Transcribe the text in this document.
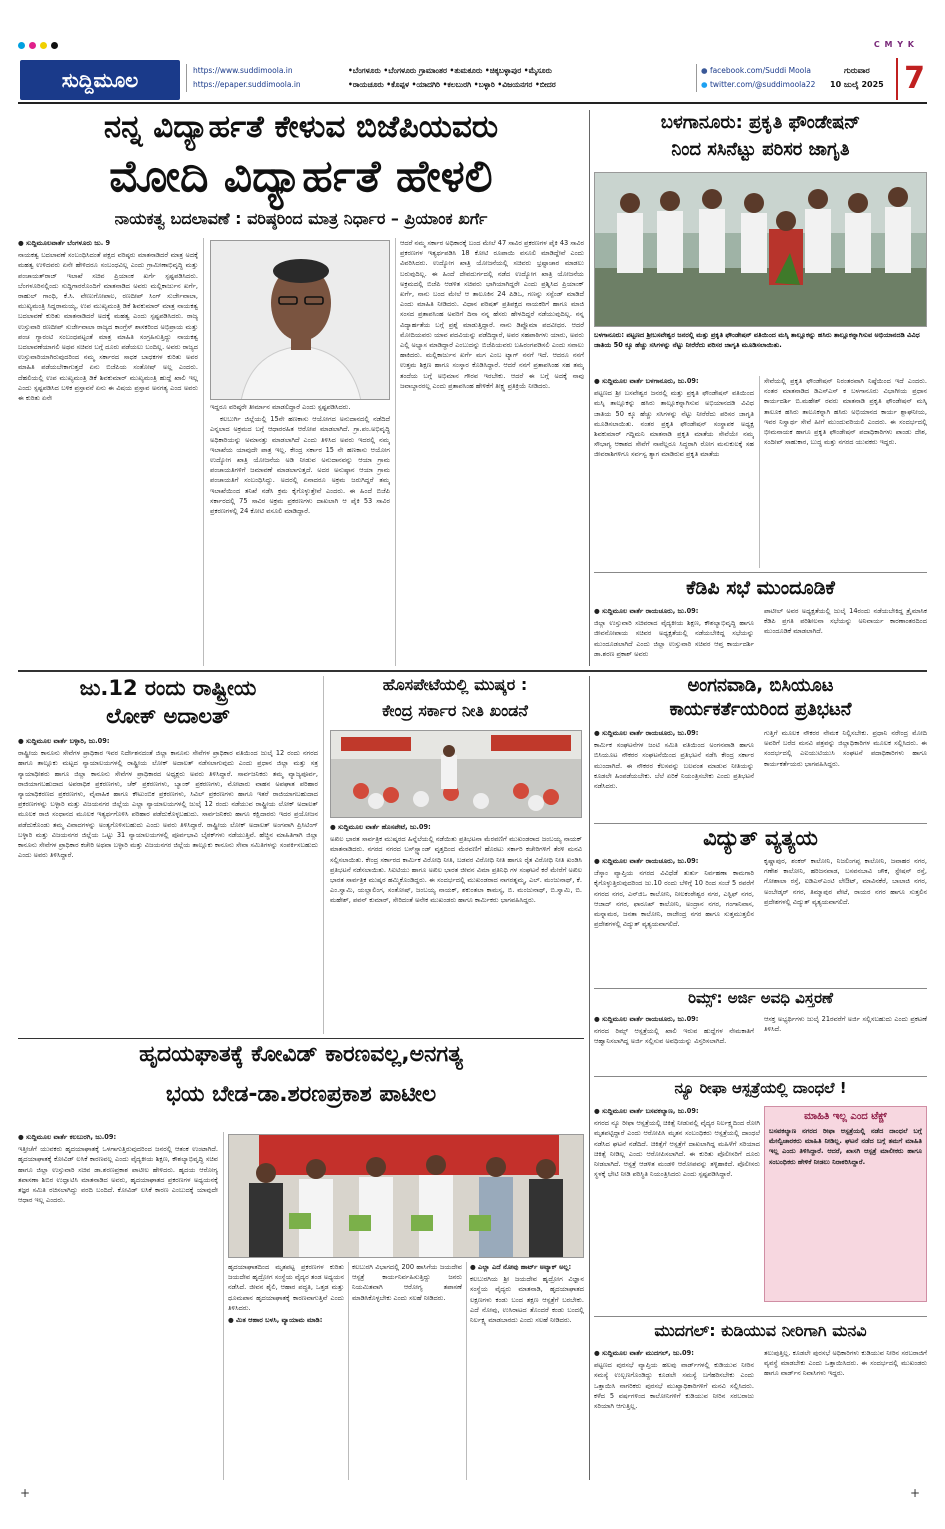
C M Y K
ಸುದ್ದಿಮೂಲ	https://www.suddimoola.in
https://epaper.suddimoola.in
•ಬೆಂಗಳೂರು •ಬೆಂಗಳೂರು ಗ್ರಾಮಾಂತರ •ತುಮಕೂರು •ಚಿಕ್ಕಬಳ್ಳಾಪುರ •ಮೈಸೂರು
•ರಾಯಚೂರು •ಕೊಪ್ಪಳ •ಯಾದಗಿರಿ •ಕಲಬುರಗಿ •ಬಳ್ಳಾರಿ •ವಿಜಯನಗರ •ಬೀದರ
● facebook.com/Suddi Moola
● twitter.com/@suddimoola22
ಗುರುವಾರ
10 ಜುಲೈ 2025 7
ನನ್ನ ವಿದ್ಯಾರ್ಹತೆ ಕೇಳುವ ಬಿಜೆಪಿಯವರು
ಮೋದಿ ವಿದ್ಯಾರ್ಹತೆ ಹೇಳಲಿ
ನಾಯಕತ್ವ ಬದಲಾವಣೆ : ವರಿಷ್ಠರಿಂದ ಮಾತ್ರ ನಿರ್ಧಾರ – ಪ್ರಿಯಾಂಕ ಖರ್ಗೆ

● ಸುದ್ದಿಮೂಲವಾರ್ತೆ ಬೆಂಗಳೂರು ಜು. 9

ನಾಯಕತ್ವ ಬದಲಾವಣೆ ಸಂಬಂಧಿಸಿದಂತೆ ಪಕ್ಷದ ವರಿಷ್ಠರು ಮಾತನಾಡಿದರೆ ಮಾತ್ರ ಅದಕ್ಕೆ ಮಹತ್ವ ಉಳಿದವರು ಏನೇ ಹೇಳಿದರೂ ಸಂಬಂಧವಿಲ್ಲ ಎಂದು ಗ್ರಾಮೀಣಾಭಿವೃದ್ಧಿ ಮತ್ತು ಪಂಚಾಯತ್‌ರಾಜ್ ಇಲಾಖೆ ಸಚಿವ ಪ್ರಿಯಾಂಕ ಖರ್ಗೆ ಸ್ಪಷ್ಟಪಡಿಸಿದರು. ಬೆಂಗಳೂರಿನಲ್ಲಿಂದು ಸುದ್ದಿಗಾರರೊಂದಿಗೆ ಮಾತನಾಡಿದ ಅವರು ಮಲ್ಲಿಕಾರ್ಜುನ ಖರ್ಗೆ, ರಾಹುಲ್ ಗಾಂಧಿ, ಕೆ.ಸಿ. ವೇಣುಗೋಪಾಲ, ರಣದೀಪ್ ಸಿಂಗ್ ಸುರ್ಜೇವಾಲಾ, ಮುಖ್ಯಮಂತ್ರಿ ಸಿದ್ದರಾಮಯ್ಯ, ಉಪ ಮುಖ್ಯಮಂತ್ರಿ ಡಿಕೆ ಶಿವಕುಮಾರ್ ಮಾತ್ರ ನಾಯಕತ್ವ ಬದಲಾವಣೆ ಕುರಿತು ಮಾತನಾಡಿದರೆ ಅದಕ್ಕೆ ಮಹತ್ವ ಎಂದು ಸ್ಪಷ್ಟಪಡಿಸಿದರು. ರಾಜ್ಯ ಉಸ್ತುವಾರಿ ರಣದೀಪ್ ಸುರ್ಜೇವಾಲಾ ರಾಜ್ಯದ ಕಾಂಗ್ರೆಸ್ ಶಾಸಕರಿಂದ ಅಭಿಪ್ರಾಯ ಮತ್ತು ಪಂಚ ಗ್ಯಾರಂಟಿ ಸಂಬಂಧಪಟ್ಟಂತೆ ಮಾತ್ರ ಮಾಹಿತಿ ಸಂಗ್ರಹಿಸುತ್ತಿದ್ದು ನಾಯಕತ್ವ ಬದಲಾವಣೆಯಾಗಲಿ ಅಥವ ಸಚಿವರ ಬಗ್ಗೆ ದೂರು ಪಡೆಯಲು ಬಂದಿಲ್ಲ. ಅವರು ರಾಜ್ಯದ ಉಸ್ತುವಾರಿಯಾಗಿರುವುದರಿಂದ ನಮ್ಮ ಸರ್ಕಾರದ ಸಾಧಕ ಬಾಧಕಗಳ ಕುರಿತು ಅವರ ಮಾಹಿತಿ ಪಡೆಯಬೇಕಾಗುತ್ತದೆ ಏನು ಬಿಜೆಪಿಯ ಸಂತೋಷ್ ಅಲ್ಲ ಎಂದರು. ದೆಹಲಿಯಲ್ಲಿ ಉಪ ಮುಖ್ಯಮಂತ್ರಿ ಡಿಕೆ ಶಿವಕುಮಾರ್ ಮುಖ್ಯಮಂತ್ರಿ ಹುದ್ದೆ ಖಾಲಿ ಇಲ್ಲ ಎಂದು ಸ್ಪಷ್ಟಪಡಿಸಿದ ಬಳಿಕ ಪ್ರಸ್ತಾವನೆ ಏನು ಈ ವಿಷಯ ಪ್ರಸ್ತಾವ ಅನಗತ್ಯ ಎಂದ ಅವರು ಈ ಕುರಿತು ಏನೇ

ಇದ್ದರೂ ವರಿಷ್ಠರೇ ತೀರ್ಮಾನ ಮಾಡಲಿದ್ದಾರೆ ಎಂದು ಸ್ಪಷ್ಟಪಡಿಸಿದರು.

ಕಲಬುರ್ಗಿ ಜಿಲ್ಲೆಯಲ್ಲಿ 15ನೇ ಹಣಕಾಸು ಆಯೋಗದ ಅನುದಾನದಲ್ಲಿ ನಡೆದಿದೆ ಎನ್ನಲಾದ ಅಕ್ರಮದ ಬಗ್ಗೆ ಆಧಾರರಹಿತ ಆರೋಪ ಮಾಡಲಾಗಿದೆ. ಗ್ರಾ.ಪಂ.ಅಭಿವೃದ್ಧಿ ಅಧಿಕಾರಿಯನ್ನು ಅಮಾನತ್ತು ಮಾಡಲಾಗಿದೆ ಎಂದು ತಿಳಿಸಿದ ಅವರು ಇದರಲ್ಲಿ ನಮ್ಮ ಇಲಾಖೆಯ ಯಾವುದೇ ಪಾತ್ರ ಇಲ್ಲ. ಕೇಂದ್ರ ಸರ್ಕಾರ 15 ನೇ ಹಣಕಾಸು ಆಯೋಗ ಉದ್ಯೋಗ ಖಾತ್ರಿ ಯೋಜನೆಯ ಅಡಿ ನೀಡುವ ಅನುದಾನವನ್ನು ಆಯಾ ಗ್ರಾಮ ಪಂಚಾಯತಿಗಳಿಗೆ ಜಮಾವಣೆ ಮಾಡಲಾಗುತ್ತದೆ. ಅದರ ಅನುಷ್ಠಾನ ಆಯಾ ಗ್ರಾಮ ಪಂಚಾಯತಿಗೆ ಸಂಬಂಧಿಸಿದ್ದು. ಅದರಲ್ಲಿ ಏನಾದರೂ ಅಕ್ರಮ ಜರುಗಿದ್ದರೆ ತಮ್ಮ ಇಲಾಖೆಯಿಂದ ತನಿಖೆ ನಡೆಸಿ ಕ್ರಮ ಕೈಗೊಳ್ಳುತ್ತೇವೆ ಎಂದರು. ಈ ಹಿಂದೆ ಬಿಜೆಪಿ ಸರ್ಕಾರದಲ್ಲಿ 75 ಸಾವಿರ ಅಕ್ರಮ ಪ್ರಕರಣಗಳು ದಾಖಲಾಗಿ ಆ ಪೈಕಿ 53 ಸಾವಿರ ಪ್ರಕರಣಗಳಲ್ಲಿ 24 ಕೋಟಿ ವಸೂಲಿ ಮಾಡಿದ್ದಾರೆ.

ಆದರೆ ನಮ್ಮ ಸರ್ಕಾರ ಅಧಿಕಾರಕ್ಕೆ ಬಂದ ಮೇಲೆ 47 ಸಾವಿರ ಪ್ರಕರಣಗಳ ಪೈಕಿ 43 ಸಾವಿರ ಪ್ರಕರಣಗಳ ಇತ್ಯರ್ಥಪಡಿಸಿ 18 ಕೋಟಿ ರೂಪಾಯಿ ವಸೂಲಿ ಮಾಡಿದ್ದೇವೆ ಎಂದು ವಿವರಿಸಿದರು. ಉದ್ಯೋಗ ಖಾತ್ರಿ ಯೋಜನೆಯಲ್ಲಿ ಸಚಿವರು ಭ್ರಷ್ಟಾಚಾರ ಮಾಡಲು ಬರುವುದಿಲ್ಲ. ಈ ಹಿಂದೆ ದೇವದುರ್ಗದಲ್ಲಿ ನಡೆದ ಉದ್ಯೋಗ ಖಾತ್ರಿ ಯೋಜನೆಯ ಅಕ್ರಮದಲ್ಲಿ ಬಿಜೆಪಿ ಆಡಳಿತ ಸಚಿವರು ಭಾಗಿಯಾಗಿದ್ದರೇ ಎಂದು ಪ್ರಶ್ನಿಸಿದ ಪ್ರಿಯಾಂಕ್ ಖರ್ಗೆ, ನಾನು ಬಂದ ಮೇಲೆ ಆ ತಾಲೂಕಿನ 24 ಪಿಡಿಒ, ಗಣನ್ನು ಸಸ್ಪೆಂಡ್ ಮಾಡಿದೆ ಎಂದು ಮಾಹಿತಿ ನೀಡಿದರು. ವಿಧಾನ ಪರಿಷತ್ ಪ್ರತಿಪಕ್ಷದ ನಾಯಕರಿಗೆ ಹಾಗೂ ಮಾಜಿ ಸಂಸದ ಪ್ರತಾಪಸಿಂಹ ಅವರಿಗೆ ದಿನಾ ನನ್ನ ಹೆಸರು ಹೇಳದಿದ್ದರೆ ನಡೆಯುವುದಿಲ್ಲ. ನನ್ನ ವಿದ್ಯಾರ್ಹತೆಯ ಬಗ್ಗೆ ಪ್ರಶ್ನೆ ಮಾಡುತ್ತಿದ್ದಾರೆ. ನಾನು ಡಿಪ್ಲೊಮಾ ಪದವೀಧರ. ಆದರೆ ಮೋದಿಯವರು ಯಾವ ಪದವಿಯನ್ನು ಪಡೆದಿದ್ದಾರೆ, ಅವರ ಸಹಪಾಠಿಗಳು ಯಾರು, ಅವರು ಎಲ್ಲಿ ಅಭ್ಯಾಸ ಮಾಡಿದ್ದಾರೆ ಎಂಬುದನ್ನು ಬಿಜೆಪಿಯವರು ಬಹಿರಂಗಪಡಿಸಲಿ ಎಂದು ಸವಾಲು ಹಾಕಿದರು. ಮಲ್ಲಿಕಾರ್ಜುನ ಖರ್ಗೆ ಮಗ ಎಂಬ ಟ್ಯಾಗ್ ನನಗೆ ಇದೆ. ಆದರೂ ನನಗೆ ಉತ್ತಮ ಶಿಕ್ಷಣ ಹಾಗೂ ಸಂಸ್ಕಾರ ಕೊಡಿಸಿದ್ದಾರೆ. ಆದರೆ ನನಗೆ ಪ್ರತಾಪಸಿಂಹ ಸಹ ತಮ್ಮ ತಂದೆಯ ಬಗ್ಗೆ ಅಭಿಮಾನ ಗೌರವ ಇರಬೇಕು. ಆದರೆ ಈ ಬಗ್ಗೆ ಅದಕ್ಕೆ ನಾವು ಜವಾಬ್ದಾರರಲ್ಲ ಎಂದು ಪ್ರತಾಪಸಿಂಹ ಹೇಳಿಕೆಗೆ ತೀಕ್ಷ್ಣ ಪ್ರತಿಕ್ರಿಯೆ ನೀಡಿದರು.

ಬಳಗಾನೂರು: ಪ್ರಕೃತಿ ಫೌಂಡೇಷನ್
ನಿಂದ ಸಸಿನೆಟ್ಟು ಪರಿಸರ ಜಾಗೃತಿ
ಬಳಗಾನೂರು: ಪಟ್ಟಣದ ಶ್ರೀಬಸವೇಶ್ವರ ಜನರಲ್ಲಿ ಮತ್ತು ಪ್ರಕೃತಿ ಫೌಂಡೇಷನ್ ವತಿಯಿಂದ ಮಸ್ಕಿ ತಾಲ್ಲೂಕನ್ನು ಹಸಿರು ತಾಲ್ಲೂಕನ್ನಾಗಿಸುವ ಅಭಿಯಾನದಡಿ ವಿವಿಧ ಜಾತಿಯ 50 ಕ್ಕೂ ಹೆಚ್ಚು ಸಸಿಗಳನ್ನು ನೆಟ್ಟು ನೀರೆರೆದು ಪರಿಸರ ಜಾಗೃತಿ ಮೂಡಿಸಲಾಯಿತು.

● ಸುದ್ದಿಮೂಲ ವಾರ್ತೆ ಬಳಗಾನೂರು, ಜು.09:

ಪಟ್ಟಣದ ಶ್ರೀ ಬಸವೇಶ್ವರ ಜನರಲ್ಲಿ ಮತ್ತು ಪ್ರಕೃತಿ ಫೌಂಡೇಷನ್ ವತಿಯಿಂದ ಮಸ್ಕಿ ತಾಲ್ಲೂಕನ್ನು ಹಸಿರು ತಾಲ್ಲೂಕನ್ನಾಗಿಸುವ ಅಭಿಯಾನದಡಿ ವಿವಿಧ ಜಾತಿಯ 50 ಕ್ಕೂ ಹೆಚ್ಚು ಸಸಿಗಳನ್ನು ನೆಟ್ಟು ನೀರೆರೆದು ಪರಿಸರ ಜಾಗೃತಿ ಮೂಡಿಸಲಾಯಿತು. ನಂತರ ಪ್ರಕೃತಿ ಫೌಂಡೇಷನ್ ಸಂಸ್ಥಾಪಕ ಅಧ್ಯಕ್ಷ ಶಿವಕುಮಾರ್ ಗದ್ದಿಮನಿ ಮಾತನಾಡಿ ಪ್ರಕೃತಿ ಮಾತೆಯ ಸೇವೆಯೇ ನಮ್ಮ ಸೌಭಾಗ್ಯ ಆಕಾಶದ ಸೇವೆಗೆ ನಾವೆಲ್ಲರೂ ಸಿದ್ಧರಾಗಿ ರೋಗ ಮನುಕುಲಕ್ಕೆ ಸಹ ಜೀವರಾಶಿಗಳಿಗೂ ಸರ್ವಸ್ವ ತ್ಯಾಗ ಮಾಡಿರುವ ಪ್ರಕೃತಿ ಮಾತೆಯ

ಸೇವೆಯಲ್ಲಿ ಪ್ರಕೃತಿ ಫೌಂಡೇಷನ್ ನಿರಂತರವಾಗಿ ನಿಷ್ಠೆಯಿಂದ ಇದೆ ಎಂದರು. ನಂತರ ಮಾತನಾಡಿದ ಡಿಎಸ್ಎಸ್ ಕ ಬಳಗಾನೂರು ವಿಭಾಗೀಯ ಪ್ರಧಾನ ಕಾರ್ಯದರ್ಶಿ ಬಿ.ಮಹೇಶ್ ರವರು ಮಾತನಾಡಿ ಪ್ರಕೃತಿ ಫೌಂಡೇಷನ್ ಮಸ್ಕಿ ತಾಲೂಕ ಹಸಿರು ತಾಲೂಕನ್ನಾಗಿ ಹಸಿರು ಅಭಿಯಾನದ ಕಾರ್ಯ ಶ್ಲಾಘನೀಯ, ಇವರ ನಿಸ್ವಾರ್ಥ ಸೇವೆ ಹೀಗೆ ಮುಂದುವರಿಯಲಿ ಎಂದರು. ಈ ಸಂದರ್ಭದಲ್ಲಿ ಭೀಮನಾಯಕ ಹಾಗೂ ಪ್ರಕೃತಿ ಫೌಂಡೇಷನ್ ಪದಾಧಿಕಾರಿಗಳು ಪಾಂಡು ದೇಶ, ಸಂದೀಪ್ ಸಾಹುಕಾರ, ಬುದ್ಧ ಮತ್ತು ನಗರದ ಯುವಕರು ಇದ್ದರು.

ಕೆಡಿಪಿ ಸಭೆ ಮುಂದೂಡಿಕೆ

● ಸುದ್ದಿಮೂಲ ವಾರ್ತೆ ರಾಯಚೂರು, ಜು.09:

ಜಿಲ್ಲಾ ಉಸ್ತುವಾರಿ ಸಚಿವರಾದ ವೈದ್ಯಕೀಯ ಶಿಕ್ಷಣ, ಕೌಶಲ್ಯಾಭಿವೃದ್ಧಿ ಹಾಗೂ ಜೀವನೋಪಾಯ ಸಚಿವರ ಅಧ್ಯಕ್ಷತೆಯಲ್ಲಿ ನಡೆಯಬೇಕಿದ್ದ ಸಭೆಯನ್ನು ಮುಂದೂಡಲಾಗಿದೆ ಎಂದು ಜಿಲ್ಲಾ ಉಸ್ತುವಾರಿ ಸಚಿವರ ಆಪ್ತ ಕಾರ್ಯದರ್ಶಿ ಡಾ.ಶರಣ ಪ್ರಕಾಶ್ ಅವರು

ಪಾಟೀಲ್ ಅವರ ಅಧ್ಯಕ್ಷತೆಯಲ್ಲಿ ಜುಲೈ 14ರಂದು ನಡೆಯಬೇಕಿದ್ದ ತ್ರೈಮಾಸಿಕ ಕೆಡಿಪಿ ಪ್ರಗತಿ ಪರಿಶೀಲನಾ ಸಭೆಯನ್ನು ಅನಿವಾರ್ಯ ಕಾರಣಾಂತರದಿಂದ ಮುಂದೂಡಿಕೆ ಮಾಡಲಾಗಿದೆ.

ಜು.12 ರಂದು ರಾಷ್ಟ್ರೀಯ
ಲೋಕ್ ಅದಾಲತ್

● ಸುದ್ದಿಮೂಲ ವಾರ್ತೆ ಬಳ್ಳಾರಿ, ಜು.09:

ರಾಷ್ಟ್ರೀಯ ಕಾನೂನು ಸೇವೆಗಳ ಪ್ರಾಧಿಕಾರ ಇವರ ನಿರ್ದೇಶನದಂತೆ ಜಿಲ್ಲಾ ಕಾನೂನು ಸೇವೆಗಳ ಪ್ರಾಧಿಕಾರ ವತಿಯಿಂದ ಜುಲೈ 12 ರಂದು ನಗರದ ಹಾಗೂ ತಾಲ್ಲೂಕು ಮಟ್ಟದ ನ್ಯಾಯಾಲಯಗಳಲ್ಲಿ ರಾಷ್ಟ್ರೀಯ ಲೋಕ್ ಅದಾಲತ್ ನಡೆಸಲಾಗುವುದು ಎಂದು ಪ್ರಧಾನ ಜಿಲ್ಲಾ ಮತ್ತು ಸತ್ರ ನ್ಯಾಯಾಧೀಶರು ಹಾಗೂ ಜಿಲ್ಲಾ ಕಾನೂನು ಸೇವೆಗಳ ಪ್ರಾಧಿಕಾರದ ಅಧ್ಯಕ್ಷರು ಅವರು ತಿಳಿಸಿದ್ದಾರೆ. ಸಾರ್ವಜನಿಕರು ತಮ್ಮ ವ್ಯಾಜ್ಯಪೂರ್ವ, ರಾಜಿಯಾಗಬಹುದಾದ ಅಪರಾಧಿಕ ಪ್ರಕರಣಗಳು, ಚೆಕ್ ಪ್ರಕರಣಗಳು, ಬ್ಯಾಂಕ್ ಪ್ರಕರಣಗಳು, ಮೋಟಾರು ವಾಹನ ಅಪಘಾತ ಪರಿಹಾರ ನ್ಯಾಯಾಧಿಕರಣದ ಪ್ರಕರಣಗಳು, ವೈವಾಹಿಕ ಹಾಗೂ ಕೌಟುಂಬಿಕ ಪ್ರಕರಣಗಳು, ಸಿವಿಲ್ ಪ್ರಕರಣಗಳು ಹಾಗೂ ಇತರೆ ರಾಜಿಯಾಗಬಹುದಾದ ಪ್ರಕರಣಗಳನ್ನು ಬಳ್ಳಾರಿ ಮತ್ತು ವಿಜಯನಗರ ಜಿಲ್ಲೆಯ ಎಲ್ಲಾ ನ್ಯಾಯಾಲಯಗಳಲ್ಲಿ ಜುಲೈ 12 ರಂದು ನಡೆಯುವ ರಾಷ್ಟ್ರೀಯ ಲೋಕ್ ಅದಾಲತ್ ಮೂಲಕ ರಾಜಿ ಸಂಧಾನದ ಮೂಲಕ ಇತ್ಯರ್ಥಗೊಳಿಸಿ ಪರಿಹಾರ ಪಡೆದುಕೊಳ್ಳಬಹುದು. ಸಾರ್ವಜನಿಕರು ಹಾಗೂ ಕಕ್ಷಿದಾರರು ಇದರ ಪ್ರಯೋಜನ ಪಡೆದುಕೊಂಡು ತಮ್ಮ ವಿವಾದಗಳನ್ನು ಅಂತ್ಯಗೊಳಿಸಬಹುದು ಎಂದು ಅವರು ತಿಳಿಸಿದ್ದಾರೆ. ರಾಷ್ಟ್ರೀಯ ಲೋಕ್ ಅದಾಲತ್ ಅಂಗವಾಗಿ ಪ್ರಿಸಿಟಿಂಗ್ ಬಳ್ಳಾರಿ ಮತ್ತು ವಿಜಯನಗರ ಜಿಲ್ಲೆಯ ಒಟ್ಟು 31 ನ್ಯಾಯಾಲಯಗಳಲ್ಲಿ ಪೂರ್ವಭಾವಿ ಬೈಠಕ್‌ಗಳು ನಡೆಯುತ್ತಿವೆ. ಹೆಚ್ಚಿನ ಮಾಹಿತಿಗಾಗಿ ಜಿಲ್ಲಾ ಕಾನೂನು ಸೇವೆಗಳ ಪ್ರಾಧಿಕಾರ ಕಚೇರಿ ಅಥವಾ ಬಳ್ಳಾರಿ ಮತ್ತು ವಿಜಯನಗರ ಜಿಲ್ಲೆಯ ತಾಲ್ಲೂಕು ಕಾನೂನು ಸೇವಾ ಸಮಿತಿಗಳನ್ನು ಸಂಪರ್ಕಿಸಬಹುದು ಎಂದು ಅವರು ತಿಳಿಸಿದ್ದಾರೆ.

ಹೊಸಪೇಟೆಯಲ್ಲಿ ಮುಷ್ಕರ :
ಕೇಂದ್ರ ಸರ್ಕಾರ ನೀತಿ ಖಂಡನೆ

● ಸುದ್ದಿಮೂಲ ವಾರ್ತೆ ಹೊಸಪೇಟೆ, ಜು.09:

ಅಖಿಲ ಭಾರತ ಸಾರ್ವತ್ರಿಕ ಮುಷ್ಕರದ ಹಿನ್ನೆಲೆಯಲ್ಲಿ ನಡೆಯಿತು ಪ್ರತಿಭಟನಾ ಮೆರವಣಿಗೆ ಮುಖಂಡರಾದ ಜಂಬಯ್ಯ ನಾಯಕ್ ಮಾತನಾಡಿದರು. ನಗರದ ನಗರದ ಬಸ್‌ಸ್ಟ್ಯಾಂಡ್ ವೃತ್ತದಿಂದ ಮೆರವಣಿಗೆ ಹೊರಟು ಸರ್ಕಾರಿ ಕಚೇರಿಗಳಿಗೆ ತೆರಳಿ ಮನವಿ ಸಲ್ಲಿಸಲಾಯಿತು. ಕೇಂದ್ರ ಸರ್ಕಾರದ ಕಾರ್ಮಿಕ ವಿರೋಧಿ ನೀತಿ, ಬಡವರ ವಿರೋಧಿ ನೀತಿ ಹಾಗೂ ರೈತ ವಿರೋಧಿ ನೀತಿ ಖಂಡಿಸಿ ಪ್ರತಿಭಟನೆ ನಡೆಸಲಾಯಿತು. ಸಿಐಟಿಯು ಹಾಗೂ ಅಖಿಲ ಭಾರತ ಜೀವನ ವಿಮಾ ಪ್ರತಿನಿಧಿ ಗಳ ಸಂಘಟನೆ ಕರೆ ಮೇರೆಗೆ ಅಖಿಲ ಭಾರತ ಸಾರ್ವತ್ರಿಕ ಮುಷ್ಕರ ಹಮ್ಮಿಕೊಂಡಿದ್ದರು. ಈ ಸಂದರ್ಭದಲ್ಲಿ ಮುಖಂಡರಾದ ನಾಗರತ್ನಮ್ಮ, ಎಲ್. ಮಂಜುನಾಥ್, ಕೆ. ಎಂ.ಸ್ವಾಮಿ, ಯಲ್ಲಾಲಿಂಗ, ಸಂತೋಷ್, ಜಂಬಯ್ಯ ನಾಯಕ್, ಶಕುಂತಲಾ ಕಾಮಸ್ಯ, ಬಿ. ಮಂಜುನಾಥ್, ಬಿ.ಸ್ವಾಮಿ, ಬಿ. ಮಹೇಶ್, ಪವನ್ ಕುಮಾರ್, ಸೇರಿದಂತೆ ಅನೇಕ ಮುಖಂಡರು ಹಾಗೂ ಕಾರ್ಮಿಕರು ಭಾಗವಹಿಸಿದ್ದರು.

ಅಂಗನವಾಡಿ, ಬಿಸಿಯೂಟ
ಕಾರ್ಯಕರ್ತೆಯರಿಂದ ಪ್ರತಿಭಟನೆ

● ಸುದ್ದಿಮೂಲ ವಾರ್ತೆ ರಾಯಚೂರು, ಜು.09:

ಕಾರ್ಮಿಕ ಸಂಘಟನೆಗಳ ಜಂಟಿ ಸಮಿತಿ ವತಿಯಿಂದ ಅಂಗನವಾಡಿ ಹಾಗೂ ಬಿಸಿಯೂಟ ನೌಕರರ ಸಂಘಟನೆಯಿಂದ ಪ್ರತಿಭಟನೆ ನಡೆಸಿ ಕೇಂದ್ರ ಸರ್ಕಾರ ಮುಂದಾಗಿದೆ. ಈ ನೌಕರರ ಕೆಲಸವನ್ನು ಬಲವಂತ ಮಾಡುವ ನೀತಿಯನ್ನು ಕೂಡಲೇ ಹಿಂಪಡೆಯಬೇಕು. ಬೆಲೆ ಏರಿಕೆ ನಿಯಂತ್ರಿಸಬೇಕು ಎಂದು ಪ್ರತಿಭಟನೆ ನಡೆಸಿದರು.

ಗುತ್ತಿಗೆ ಮೂಲಕ ನೌಕರರ ನೇಮಕ ನಿಲ್ಲಿಸಬೇಕು. ಪ್ರಧಾನಿ ನರೇಂದ್ರ ಮೋದಿ ಅವರಿಗೆ ಬರೆದ ಮನವಿ ಪತ್ರವನ್ನು ಜಿಲ್ಲಾಧಿಕಾರಿಗಳ ಮೂಲಕ ಸಲ್ಲಿಸಿದರು. ಈ ಸಂದರ್ಭದಲ್ಲಿ ಎಐಯುಟಿಯುಸಿ ಸಂಘಟನೆ ಪದಾಧಿಕಾರಿಗಳು ಹಾಗೂ ಕಾರ್ಯಕರ್ತೆಯರು ಭಾಗವಹಿಸಿದ್ದರು.

ವಿದ್ಯುತ್ ವ್ಯತ್ಯಯ

● ಸುದ್ದಿಮೂಲ ವಾರ್ತೆ ರಾಯಚೂರು, ಜು.09:

ಜೆಸ್ಕಾಂ ವ್ಯಾಪ್ತಿಯ ನಗರದ ವಿವಿಧೆಡೆ ತುರ್ತು ನಿರ್ವಹಣಾ ಕಾಮಗಾರಿ ಕೈಗೊಳ್ಳುತ್ತಿರುವುದರಿಂದ ಜು.10 ರಂದು ಬೆಳಿಗ್ಗೆ 10 ರಿಂದ ಸಂಜೆ 5 ರವರೆಗೆ ನಗರದ ನಗರ, ಎನ್‌ಜಿಒ ಕಾಲೋನಿ, ನೀಲಕಂಠೇಶ್ವರ ನಗರ, ಎಸ್ಟಿಫ್ ನಗರ, ಆಜಾದ್ ನಗರ, ಫಾರೂಖ್ ಕಾಲೋನಿ, ಅಂದ್ರಾನ ನಗರ, ಗಂಗಾನಿವಾಸ, ಮನ್ನಾಮಠ, ಜನತಾ ಕಾಲೋನಿ, ರಾಜೇಂದ್ರ ನಗರ ಹಾಗೂ ಸುತ್ತಮುತ್ತಲಿನ ಪ್ರದೇಶಗಳಲ್ಲಿ ವಿದ್ಯುತ್ ವ್ಯತ್ಯಯವಾಗಲಿದೆ.

ಕೃಷ್ಣಾಪುರ, ಶಂಕರ್ ಕಾಲೋನಿ, ನಿಜಲಿಂಗಪ್ಪ ಕಾಲೋನಿ, ಜವಾಹರ ನಗರ, ಗಣೇಶ ಕಾಲೋನಿ, ಹರಿಜನವಾಡ, ಬಸವನಬಾವಿ ಚೌಕ, ಸ್ಟೇಷನ್ ರಸ್ತೆ, ಗೋಶಾಲಾ ರಸ್ತೆ, ಐಡಿಎಸ್‌ಎಂಟಿ ಲೇಔಟ್, ಮಾವಿನಕೆರೆ, ಬಾಲಾಜಿ ನಗರ, ಅಂಬೇಡ್ಕರ್ ನಗರ, ತಿಮ್ಮಾಪುರ ಪೇಟೆ, ರಾಯರ ನಗರ ಹಾಗೂ ಸುತ್ತಲಿನ ಪ್ರದೇಶಗಳಲ್ಲಿ ವಿದ್ಯುತ್ ವ್ಯತ್ಯಯವಾಗಲಿದೆ.

ರಿಮ್ಸ್: ಅರ್ಜಿ ಅವಧಿ ವಿಸ್ತರಣೆ

● ಸುದ್ದಿಮೂಲ ವಾರ್ತೆ ರಾಯಚೂರು, ಜು.09:

ನಗರದ ರಿಮ್ಸ್ ಆಸ್ಪತ್ರೆಯಲ್ಲಿ ಖಾಲಿ ಇರುವ ಹುದ್ದೆಗಳ ನೇಮಕಾತಿಗೆ ಆಹ್ವಾನಿಸಲಾಗಿದ್ದ ಅರ್ಜಿ ಸಲ್ಲಿಸುವ ಅವಧಿಯನ್ನು ವಿಸ್ತರಿಸಲಾಗಿದೆ.

ಆಸಕ್ತ ಅಭ್ಯರ್ಥಿಗಳು ಜುಲೈ 21ರವರೆಗೆ ಅರ್ಜಿ ಸಲ್ಲಿಸಬಹುದು ಎಂದು ಪ್ರಕಟಣೆ ತಿಳಿಸಿದೆ.

ನ್ಯೂ ರೀಫಾ ಆಸ್ಪತ್ರೆಯಲ್ಲಿ ದಾಂಧಲೆ !

● ಸುದ್ದಿಮೂಲ ವಾರ್ತೆ ಬಸವಕಲ್ಯಾಣ, ಜು.09:

ನಗರದ ನ್ಯೂ ರೀಫಾ ಆಸ್ಪತ್ರೆಯಲ್ಲಿ ಚಿಕಿತ್ಸೆ ನೀಡುವಲ್ಲಿ ವೈದ್ಯರ ನಿರ್ಲಕ್ಷ್ಯದಿಂದ ರೋಗಿ ಮೃತಪಟ್ಟಿದ್ದಾರೆ ಎಂದು ಆರೋಪಿಸಿ ಮೃತನ ಸಂಬಂಧಿಕರು ಆಸ್ಪತ್ರೆಯಲ್ಲಿ ದಾಂಧಲೆ ನಡೆಸಿದ ಘಟನೆ ನಡೆದಿದೆ. ಚಿಕಿತ್ಸೆಗೆ ಆಸ್ಪತ್ರೆಗೆ ದಾಖಲಾಗಿದ್ದ ಮಹಿಳೆಗೆ ಸರಿಯಾದ ಚಿಕಿತ್ಸೆ ನೀಡಿಲ್ಲ ಎಂದು ಆರೋಪಿಸಲಾಗಿದೆ. ಈ ಕುರಿತು ಪೊಲೀಸರಿಗೆ ದೂರು ನೀಡಲಾಗಿದೆ. ಆಸ್ಪತ್ರೆ ಆಡಳಿತ ಮಂಡಳಿ ಆರೋಪವನ್ನು ತಳ್ಳಿಹಾಕಿದೆ. ಪೊಲೀಸರು ಸ್ಥಳಕ್ಕೆ ಭೇಟಿ ನೀಡಿ ಪರಿಸ್ಥಿತಿ ನಿಯಂತ್ರಿಸಿದರು ಎಂದು ಸ್ಪಷ್ಟಪಡಿಸಿದ್ದಾರೆ.

ಮಾಹಿತಿ ಇಲ್ಲ ಎಂದ ಟೆಕ್ಚ್
ಬಸವಕಲ್ಯಾಣ ನಗರದ ರೀಫಾ ಆಸ್ಪತ್ರೆಯಲ್ಲಿ ನಡೆದ ದಾಂಧಲೆ ಬಗ್ಗೆ ಮೇಲ್ವಿಚಾರಕರು ಮಾಹಿತಿ ನೀಡಿಲ್ಲ. ಘಟನೆ ನಡೆದ ಬಗ್ಗೆ ತಮಗೆ ಮಾಹಿತಿ ಇಲ್ಲ ಎಂದು ತಿಳಿಸಿದ್ದಾರೆ. ಆದರೆ, ಖಾಸಗಿ ಆಸ್ಪತ್ರೆ ಮಾಲೀಕರು ಹಾಗೂ ಸಂಬಂಧಿಕರು ಹೇಳಿಕೆ ನೀಡಲು ನಿರಾಕರಿಸಿದ್ದಾರೆ.
ಮುದಗಲ್: ಕುಡಿಯುವ ನೀರಿಗಾಗಿ ಮನವಿ

● ಸುದ್ದಿಮೂಲ ವಾರ್ತೆ ಮುದಗಲ್, ಜು.09:

ಪಟ್ಟಣದ ಪುರಸಭೆ ವ್ಯಾಪ್ತಿಯ ಹಲವು ವಾರ್ಡ್‌ಗಳಲ್ಲಿ ಕುಡಿಯುವ ನೀರಿನ ಸಮಸ್ಯೆ ಉಲ್ಬಣಗೊಂಡಿದ್ದು ಕೂಡಲೇ ಸಮಸ್ಯೆ ಬಗೆಹರಿಸಬೇಕು ಎಂದು ಒತ್ತಾಯಿಸಿ ನಾಗರಿಕರು ಪುರಸಭೆ ಮುಖ್ಯಾಧಿಕಾರಿಗಳಿಗೆ ಮನವಿ ಸಲ್ಲಿಸಿದರು. ಕಳೆದ 5 ವರ್ಷಗಳಿಂದ ಕಾಲೋನಿಗಳಿಗೆ ಕುಡಿಯುವ ನೀರಿನ ಸರಬರಾಜು ಸರಿಯಾಗಿ ಆಗುತ್ತಿಲ್ಲ.

ತಲುಪುತ್ತಿಲ್ಲ. ಕೂಡಲೇ ಪುರಸಭೆ ಅಧಿಕಾರಿಗಳು ಕುಡಿಯುವ ನೀರಿನ ಸರಬರಾಜಿಗೆ ವ್ಯವಸ್ಥೆ ಮಾಡಬೇಕು ಎಂದು ಒತ್ತಾಯಿಸಿದರು. ಈ ಸಂದರ್ಭದಲ್ಲಿ ಮುಖಂಡರು ಹಾಗೂ ವಾರ್ಡ್‌ನ ನಿವಾಸಿಗಳು ಇದ್ದರು.

ಹೃದಯಘಾತಕ್ಕೆ ಕೋವಿಡ್ ಕಾರಣವಲ್ಲ,ಅನಗತ್ಯ
ಭಯ ಬೇಡ-ಡಾ.ಶರಣಪ್ರಕಾಶ ಪಾಟೀಲ

● ಸುದ್ದಿಮೂಲ ವಾರ್ತೆ ಕಲಬುರಗಿ, ಜು.09:

ಇತ್ತೀಚೆಗೆ ಯುವಕರು ಹೃದಯಾಘಾತಕ್ಕೆ ಒಳಗಾಗುತ್ತಿರುವುದರಿಂದ ಜನರಲ್ಲಿ ಆತಂಕ ಉಂಟಾಗಿದೆ. ಹೃದಯಾಘಾತಕ್ಕೆ ಕೋವಿಡ್ ಲಸಿಕೆ ಕಾರಣವಲ್ಲ ಎಂದು ವೈದ್ಯಕೀಯ ಶಿಕ್ಷಣ, ಕೌಶಲ್ಯಾಭಿವೃದ್ಧಿ ಸಚಿವ ಹಾಗೂ ಜಿಲ್ಲಾ ಉಸ್ತುವಾರಿ ಸಚಿವ ಡಾ.ಶರಣಪ್ರಕಾಶ ಪಾಟೀಲ ಹೇಳಿದರು. ಹೃದಯ ಆರೋಗ್ಯ ತಪಾಸಣಾ ಶಿಬಿರ ಉದ್ಘಾಟಿಸಿ ಮಾತನಾಡಿದ ಅವರು, ಹೃದಯಾಘಾತದ ಪ್ರಕರಣಗಳ ಅಧ್ಯಯನಕ್ಕೆ ತಜ್ಞರ ಸಮಿತಿ ರಚಿಸಲಾಗಿದ್ದು ವರದಿ ಬಂದಿದೆ. ಕೋವಿಡ್ ಲಸಿಕೆ ಕಾರಣ ಎಂಬುದಕ್ಕೆ ಯಾವುದೇ ಆಧಾರ ಇಲ್ಲ ಎಂದರು.

ಹೃದಯಾಘಾತದಿಂದ ಮೃತಪಟ್ಟ ಪ್ರಕರಣಗಳ ಕುರಿತು ಜಯದೇವ ಹೃದ್ರೋಗ ಸಂಸ್ಥೆಯ ವೈದ್ಯರ ತಂಡ ಅಧ್ಯಯನ ನಡೆಸಿದೆ. ಜೀವನ ಶೈಲಿ, ಆಹಾರ ಪದ್ಧತಿ, ಒತ್ತಡ ಮತ್ತು ಧೂಮಪಾನ ಹೃದಯಾಘಾತಕ್ಕೆ ಕಾರಣವಾಗುತ್ತಿವೆ ಎಂದು ತಿಳಿಸಿದರು.

● ಮಿತ ಆಹಾರ ಬಳಸಿ, ವ್ಯಾಯಾಮ ಮಾಡಿ:

ಕಲಬುರಗಿ ವಿಭಾಗದಲ್ಲಿ 200 ಹಾಸಿಗೆಯ ಜಯದೇವ ಆಸ್ಪತ್ರೆ ಕಾರ್ಯನಿರ್ವಹಿಸುತ್ತಿದ್ದು ಜನರು ನಿಯಮಿತವಾಗಿ ಆರೋಗ್ಯ ತಪಾಸಣೆ ಮಾಡಿಸಿಕೊಳ್ಳಬೇಕು ಎಂದು ಸಲಹೆ ನೀಡಿದರು.

● ಎಲ್ಲಾ ಎದೆ ನೋವು ಹಾರ್ಟ್ ಅಟ್ಯಾಕ್ ಅಲ್ಲ:

ಕಲಬುರಗಿಯ ಶ್ರೀ ಜಯದೇವ ಹೃದ್ರೋಗ ವಿಜ್ಞಾನ ಸಂಸ್ಥೆಯ ವೈದ್ಯರು ಮಾತನಾಡಿ, ಹೃದಯಾಘಾತದ ಲಕ್ಷಣಗಳು ಕಂಡು ಬಂದ ತಕ್ಷಣ ಆಸ್ಪತ್ರೆಗೆ ಬರಬೇಕು. ಎದೆ ನೋವು, ಉಸಿರಾಟದ ತೊಂದರೆ ಕಂಡು ಬಂದಲ್ಲಿ ನಿರ್ಲಕ್ಷ್ಯ ಮಾಡಬಾರದು ಎಂದು ಸಲಹೆ ನೀಡಿದರು.

+	+
